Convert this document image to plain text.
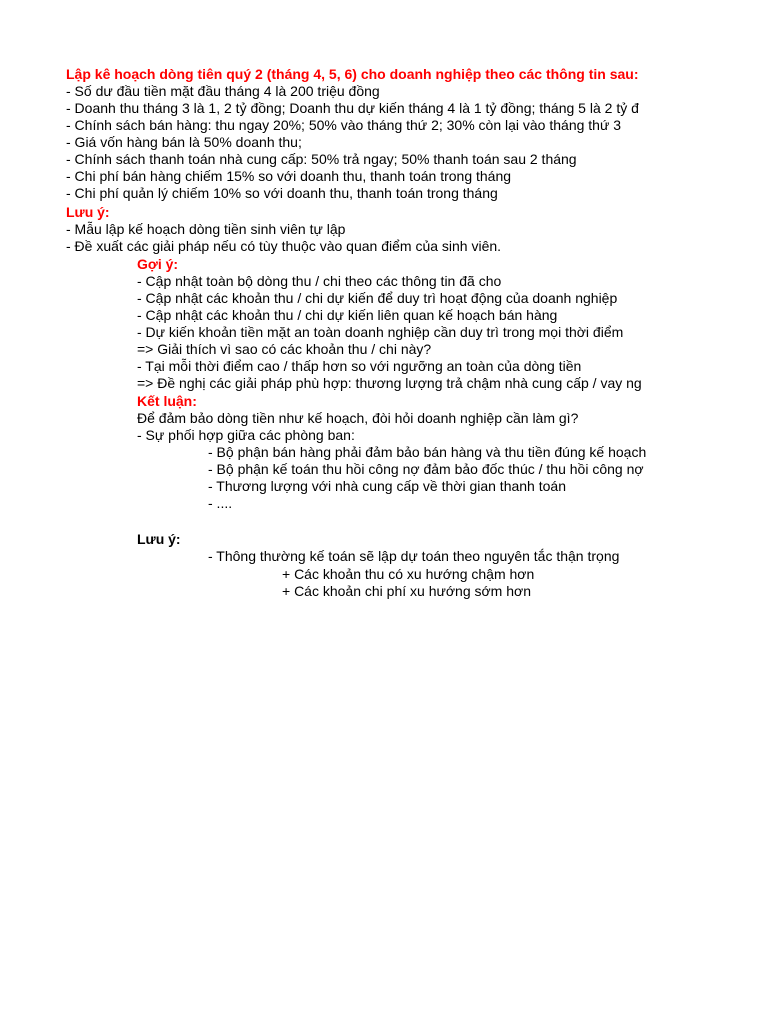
Lập kê hoạch dòng tiên quý 2 (tháng 4, 5, 6) cho doanh nghiệp theo các thông tin sau:
- Số dư đầu tiền mặt đầu tháng 4 là 200 triệu đồng
- Doanh thu tháng 3 là 1, 2 tỷ đồng; Doanh thu dự kiến tháng 4 là 1 tỷ đồng; tháng 5 là 2 tỷ đ
- Chính sách bán hàng: thu ngay 20%; 50% vào tháng thứ 2; 30% còn lại vào tháng thứ 3
- Giá vốn hàng bán là 50% doanh thu;
- Chính sách thanh toán nhà cung cấp: 50% trả ngay; 50% thanh toán sau 2 tháng
- Chi phí bán hàng chiếm 15% so với doanh thu, thanh toán trong tháng
- Chi phí quản lý chiếm 10% so với doanh thu, thanh toán trong tháng
Lưu ý:
- Mẫu lập kế hoạch dòng tiền sinh viên tự lập
- Đề xuất các giải pháp nếu có tùy thuộc vào quan điểm của sinh viên.
Gợi ý:
- Cập nhật toàn bộ dòng thu / chi theo các thông tin đã cho
- Cập nhật các khoản thu / chi dự kiến để duy trì hoạt động của doanh nghiệp
- Cập nhật các khoản thu / chi dự kiến liên quan kế hoạch bán hàng
- Dự kiến khoản tiền mặt an toàn doanh nghiệp cần duy trì trong mọi thời điểm
=> Giải thích vì sao có các khoản thu / chi này?
- Tại mỗi thời điểm cao / thấp hơn so với ngưỡng an toàn của dòng tiền
=> Đề nghị các giải pháp phù hợp: thương lượng trả chậm nhà cung cấp / vay ng
Kết luận:
Để đảm bảo dòng tiền như kế hoạch, đòi hỏi doanh nghiệp cần làm gì?
- Sự phối hợp giữa các phòng ban:
- Bộ phận bán hàng phải đảm bảo bán hàng và thu tiền đúng kế hoạch
- Bộ phận kế toán thu hồi công nợ đảm bảo đốc thúc / thu hồi công nợ
- Thương lượng với nhà cung cấp về thời gian thanh toán
- ....
Lưu ý:
- Thông thường kế toán sẽ lập dự toán theo nguyên tắc thận trọng
+ Các khoản thu có xu hướng chậm hơn
+ Các khoản chi phí xu hướng sớm hơn
